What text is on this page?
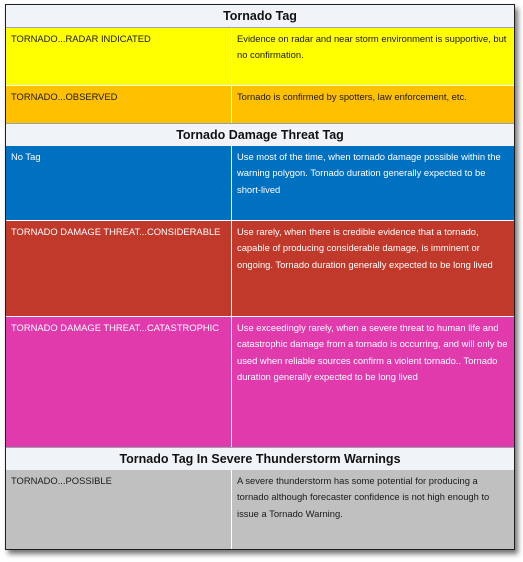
Tornado Tag
TORNADO...RADAR INDICATED	Evidence on radar and near storm environment is supportive, but no confirmation.
TORNADO...OBSERVED	Tornado is confirmed by spotters, law enforcement, etc.
Tornado Damage Threat Tag
No Tag	Use most of the time, when tornado damage possible within the warning polygon. Tornado duration generally expected to be short-lived
TORNADO DAMAGE THREAT...CONSIDERABLE	Use rarely, when there is credible evidence that a tornado, capable of producing considerable damage, is imminent or ongoing. Tornado duration generally expected to be long lived
TORNADO DAMAGE THREAT...CATASTROPHIC	Use exceedingly rarely, when a severe threat to human life and catastrophic damage from a tornado is occurring, and will only be used when reliable sources confirm a violent tornado.. Tornado duration generally expected to be long lived
Tornado Tag In Severe Thunderstorm Warnings
TORNADO...POSSIBLE	A severe thunderstorm has some potential for producing a tornado although forecaster confidence is not high enough to issue a Tornado Warning.
